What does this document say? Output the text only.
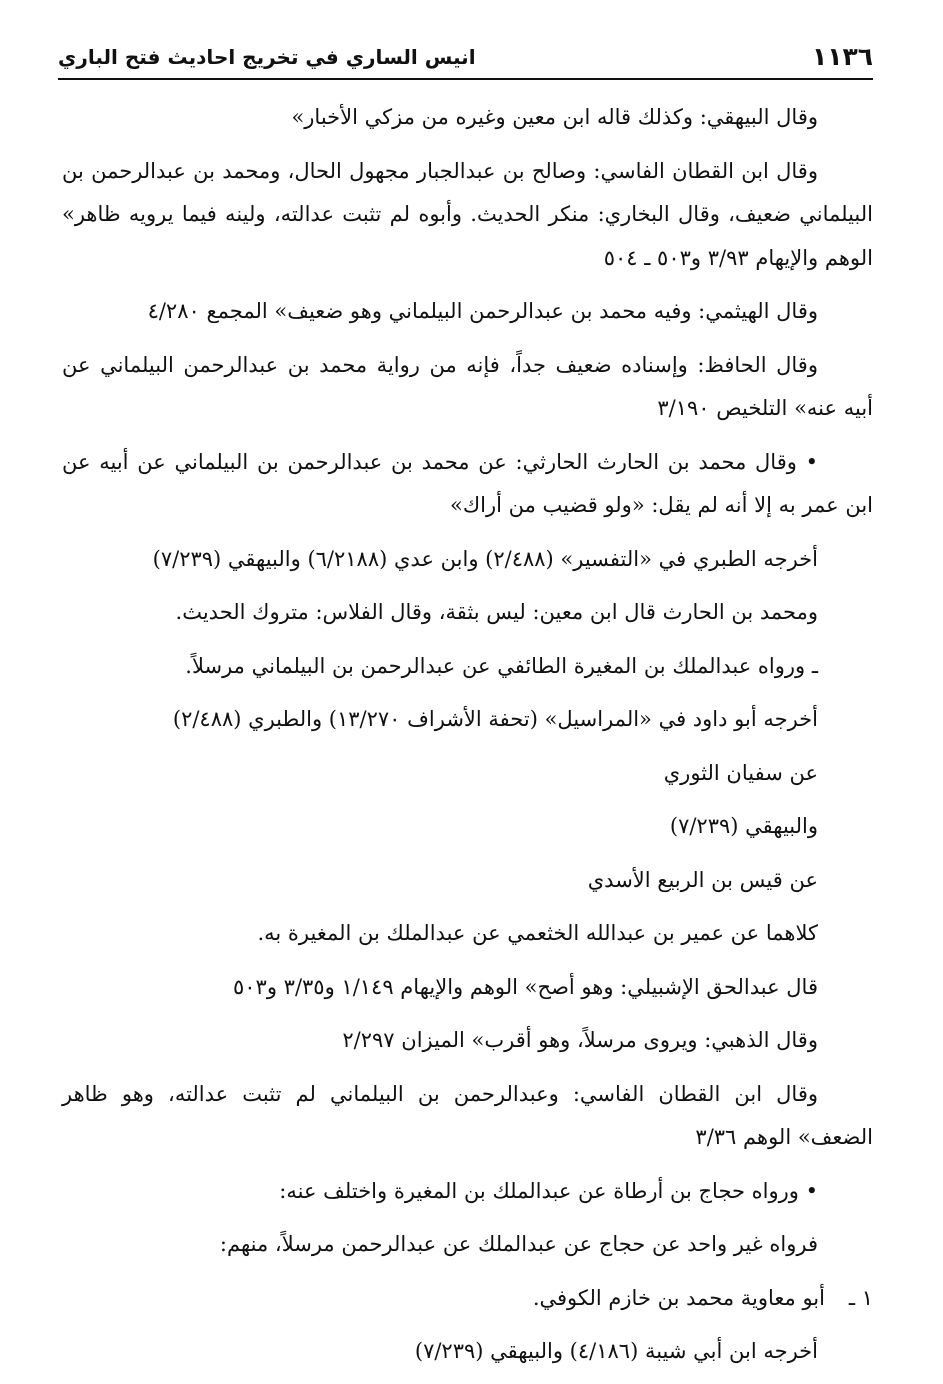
١١٣٦
انيس الساري في تخريج احاديث فتح الباري

وقال البيهقي: وكذلك قاله ابن معين وغيره من مزكي الأخبار»

وقال ابن القطان الفاسي: وصالح بن عبدالجبار مجهول الحال، ومحمد بن عبدالرحمن بن البيلماني ضعيف، وقال البخاري: منكر الحديث. وأبوه لم تثبت عدالته، ولينه فيما يرويه ظاهر» الوهم والإيهام ٣/٩٣ و٥٠٣ ـ ٥٠٤

وقال الهيثمي: وفيه محمد بن عبدالرحمن البيلماني وهو ضعيف» المجمع ٤/٢٨٠

وقال الحافظ: وإسناده ضعيف جداً، فإنه من رواية محمد بن عبدالرحمن البيلماني عن أبيه عنه» التلخيص ٣/١٩٠

• وقال محمد بن الحارث الحارثي: عن محمد بن عبدالرحمن بن البيلماني عن أبيه عن ابن عمر به إلا أنه لم يقل: «ولو قضيب من أراك»

أخرجه الطبري في «التفسير» (٢/٤٨٨) وابن عدي (٦/٢١٨٨) والبيهقي (٧/٢٣٩)

ومحمد بن الحارث قال ابن معين: ليس بثقة، وقال الفلاس: متروك الحديث.

ـ ورواه عبدالملك بن المغيرة الطائفي عن عبدالرحمن بن البيلماني مرسلاً.

أخرجه أبو داود في «المراسيل» (تحفة الأشراف ١٣/٢٧٠) والطبري (٢/٤٨٨)

عن سفيان الثوري

والبيهقي (٧/٢٣٩)

عن قيس بن الربيع الأسدي

كلاهما عن عمير بن عبدالله الخثعمي عن عبدالملك بن المغيرة به.

قال عبدالحق الإشبيلي: وهو أصح» الوهم والإيهام ١/١٤٩ و٣/٣٥ و٥٠٣

وقال الذهبي: ويروى مرسلاً، وهو أقرب» الميزان ٢/٢٩٧

وقال ابن القطان الفاسي: وعبدالرحمن بن البيلماني لم تثبت عدالته، وهو ظاهر الضعف» الوهم ٣/٣٦

• ورواه حجاج بن أرطاة عن عبدالملك بن المغيرة واختلف عنه:

فرواه غير واحد عن حجاج عن عبدالملك عن عبدالرحمن مرسلاً، منهم:

١ ـأبو معاوية محمد بن خازم الكوفي.

أخرجه ابن أبي شيبة (٤/١٨٦) والبيهقي (٧/٢٣٩)
